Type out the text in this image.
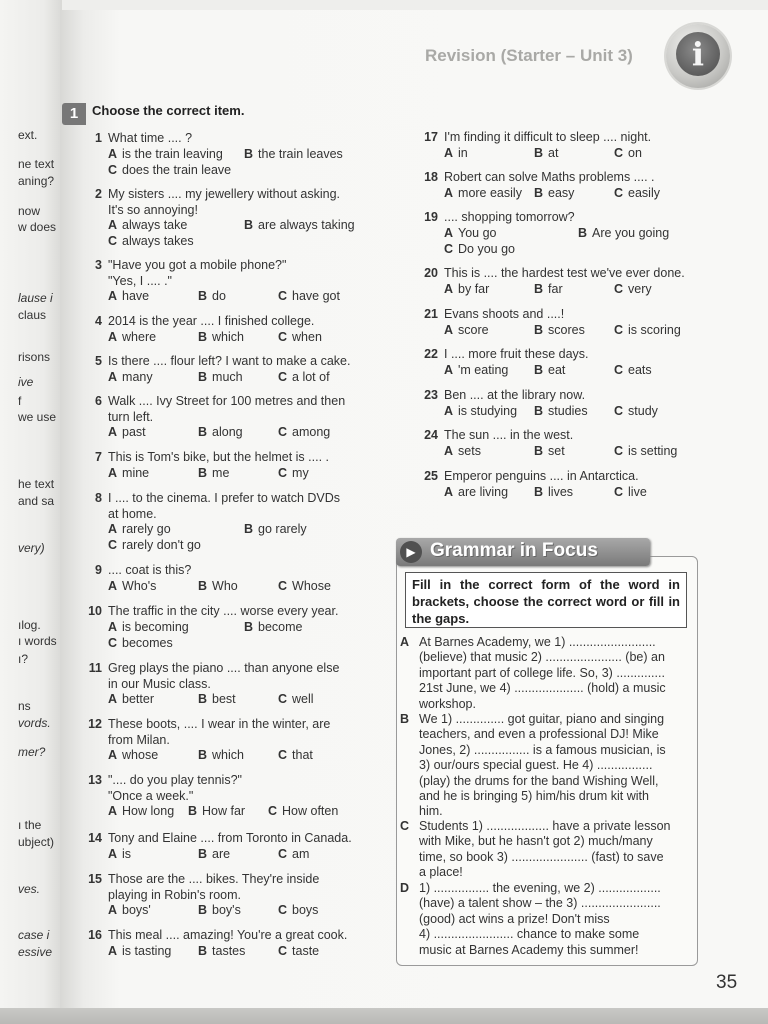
ext.
ne text
aning?
now
w does
lause i
claus
risons
ive
f
we use
he text
and sa
very)
ılog.
ı words
ı?
ns
vords.
mer?
ı the
ubject)
ves.
case i
essive
Revision (Starter – Unit 3)	i
1	Choose the correct item.
1 What time .... ?
A is the train leaving B the train leaves
C does the train leave
2 My sisters .... my jewellery without asking.
It's so annoying!
A always take	B are always taking
C always takes
3 "Have you got a mobile phone?"
"Yes, I .... ."
A have	B do	C have got
4 2014 is the year .... I finished college.
A where	B which	C when
5 Is there .... flour left? I want to make a cake.
A many	B much	C a lot of
6 Walk .... Ivy Street for 100 metres and then
turn left.
A past	B along	C among
7 This is Tom's bike, but the helmet is .... .
A mine	B me	C my
8 I .... to the cinema. I prefer to watch DVDs
at home.
A rarely go	B go rarely
C rarely don't go
9 .... coat is this?
A Who's	B Who	C Whose
10 The traffic in the city .... worse every year.
A is becoming	B become
C becomes
11 Greg plays the piano .... than anyone else
in our Music class.
A better	B best	C well
12 These boots, .... I wear in the winter, are
from Milan.
A whose	B which	C that
13 ".... do you play tennis?"
"Once a week."
A How long B How far C How often
14 Tony and Elaine .... from Toronto in Canada.
A is	B are	C am
15 Those are the .... bikes. They're inside
playing in Robin's room.
A boys'	B boy's	C boys
16 This meal .... amazing! You're a great cook.
A is tasting B tastes	C taste
17 I'm finding it difficult to sleep .... night.
A in	B at	C on
18 Robert can solve Maths problems .... .
A more easily B easy	C easily
19 .... shopping tomorrow?
A You go	B Are you going
C Do you go
20 This is .... the hardest test we've ever done.
A by far	B far	C very
21 Evans shoots and ....!
A score	B scores C is scoring
22 I .... more fruit these days.
A 'm eating B eat	C eats
23 Ben .... at the library now.
A is studying B studies C study
24 The sun .... in the west.
A sets	B set	C is setting
25 Emperor penguins .... in Antarctica.
A are living B lives	C live
▶ Grammar in Focus
Fill in the correct form of the word in brackets, choose the correct word or fill in the gaps.
A At Barnes Academy, we 1) .........................
(believe) that music 2) ...................... (be) an
important part of college life. So, 3) ..............
21st June, we 4) .................... (hold) a music
workshop.
B We 1) .............. got guitar, piano and singing
teachers, and even a professional DJ! Mike
Jones, 2) ................ is a famous musician, is
3) our/ours special guest. He 4) ................
(play) the drums for the band Wishing Well,
and he is bringing 5) him/his drum kit with
him.
C Students 1) .................. have a private lesson
with Mike, but he hasn't got 2) much/many
time, so book 3) ...................... (fast) to save
a place!
D 1) ................ the evening, we 2) ..................
(have) a talent show – the 3) .......................
(good) act wins a prize! Don't miss
4) ....................... chance to make some
music at Barnes Academy this summer!
35
